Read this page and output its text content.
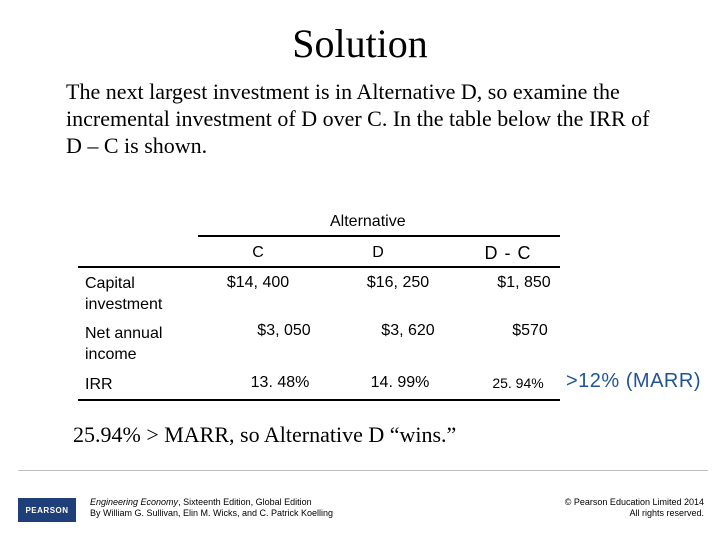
Solution
The next largest investment is in Alternative D, so examine the incremental investment of D over C. In the table below the IRR of D – C is shown.
Alternative
C	D	D - C
Capital investment
$14, 400	$16, 250	$1, 850
Net annual income
$3, 050	$3, 620	$570
IRR	13. 48%	14. 99%	25. 94%	>12% (MARR)
25.94% > MARR, so Alternative D “wins.”
PEARSON
Engineering Economy, Sixteenth Edition, Global Edition
By William G. Sullivan, Elin M. Wicks, and C. Patrick Koelling
© Pearson Education Limited 2014
All rights reserved.
